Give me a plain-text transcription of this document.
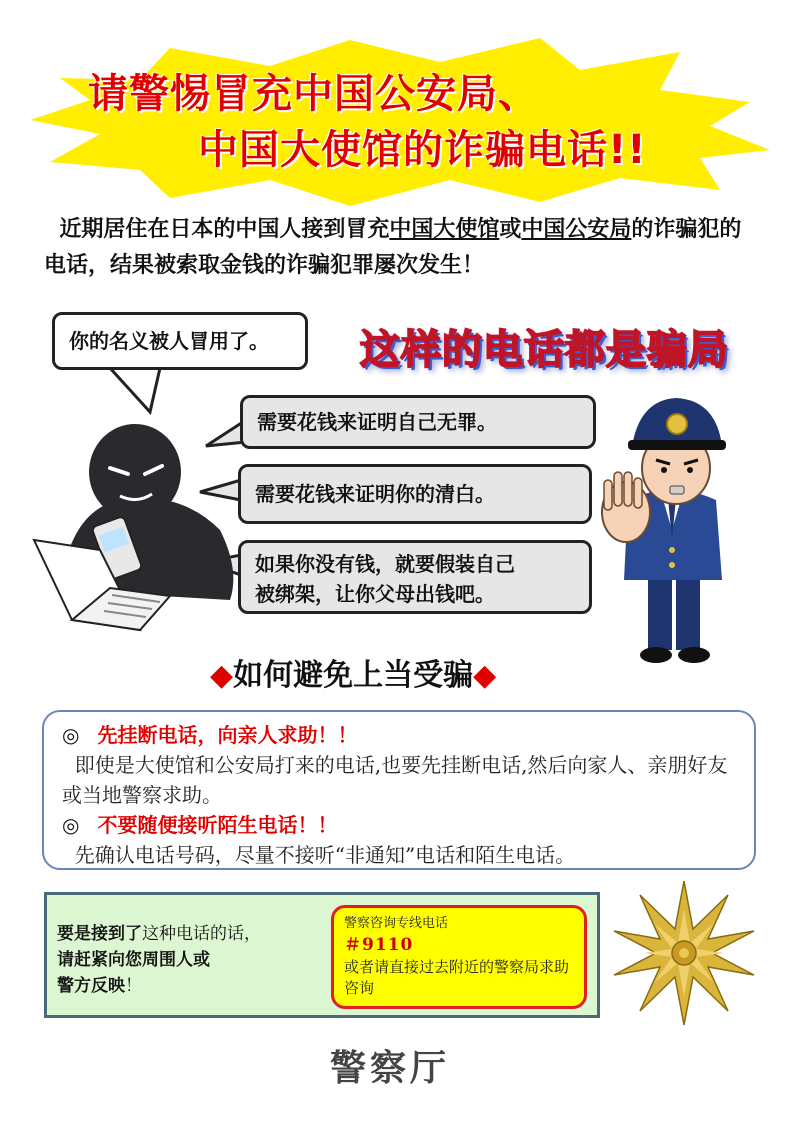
请警惕冒充中国公安局、
中国大使馆的诈骗电话!!
近期居住在日本的中国人接到冒充中国大使馆或中国公安局的诈骗犯的电话，结果被索取金钱的诈骗犯罪屡次发生！
你的名义被人冒用了。	这样的电话都是骗局
需要花钱来证明自己无罪。
需要花钱来证明你的清白。
如果你没有钱，就要假装自己
被绑架，让你父母出钱吧。
◆如何避免上当受骗◆
◎ 先挂断电话，向亲人求助！！
即使是大使馆和公安局打来的电话,也要先挂断电话,然后向家人、亲朋好友或当地警察求助。
◎ 不要随便接听陌生电话！！
先确认电话号码，尽量不接听“非通知”电话和陌生电话。
要是接到了这种电话的话，
请赶紧向您周围人或
警方反映！
警察咨询专线电话
＃9110
或者请直接过去附近的警察局求助咨询
警察厅
